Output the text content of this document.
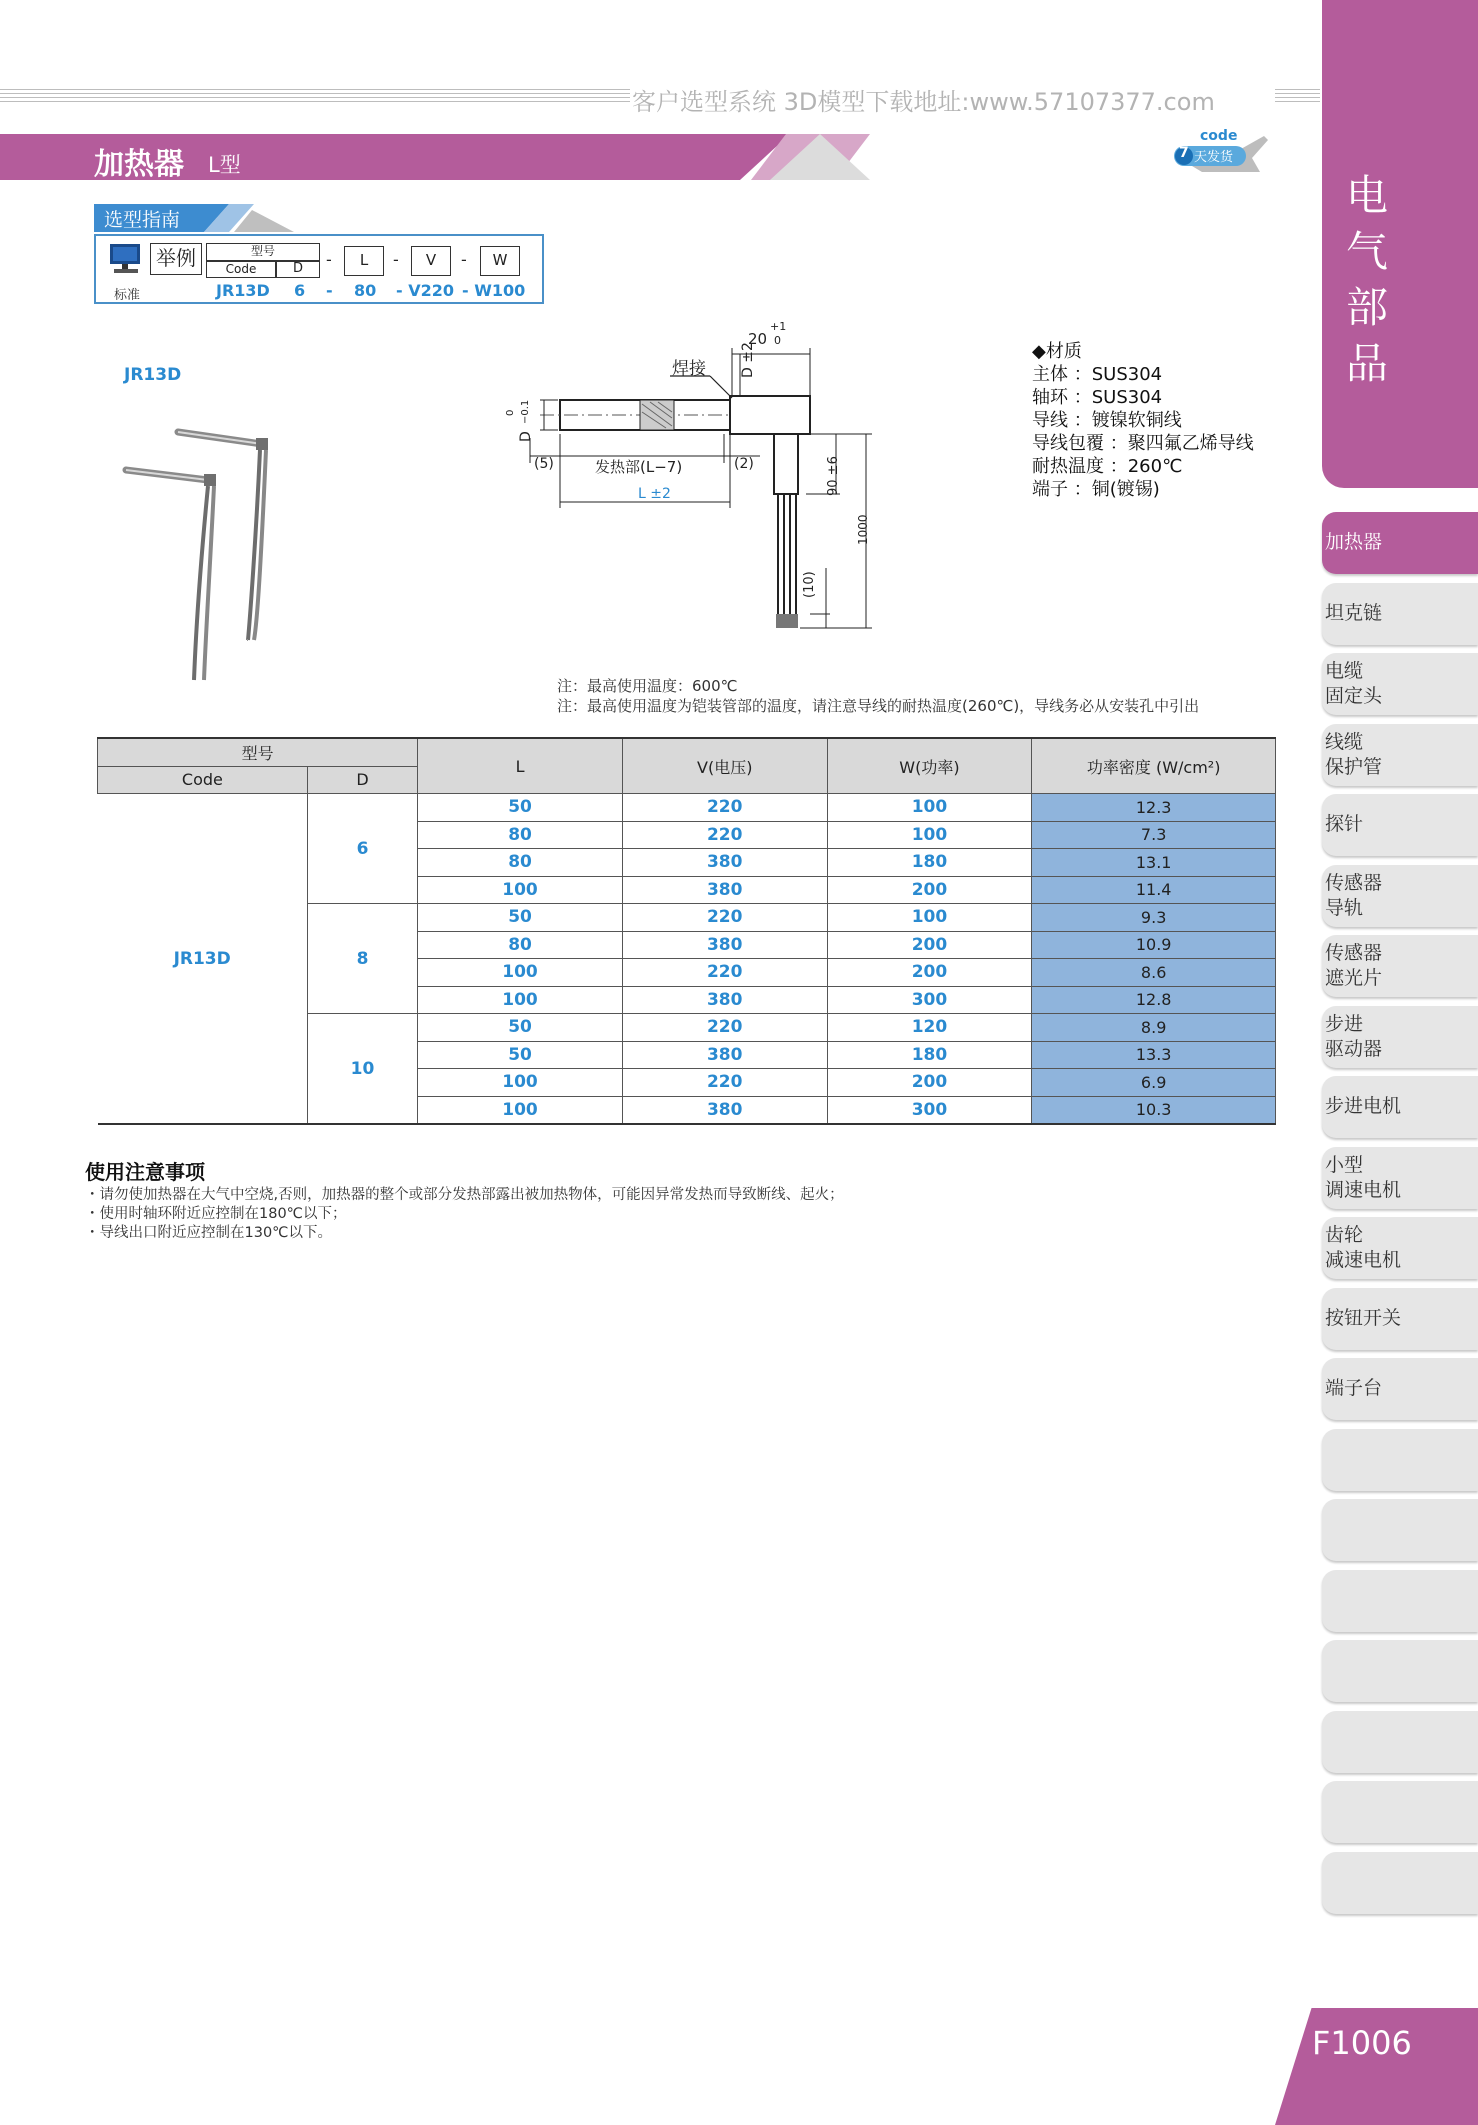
客户选型系统 3D模型下载地址:www.57107377.com
加热器 L型
code
7 天发货
电
气
部
品
加热器
坦克链
电缆
固定头
线缆
保护管
探针
传感器
导轨
传感器
遮光片
步进
驱动器
步进电机
小型
调速电机
齿轮
减速电机
按钮开关
端子台
F1006
选型指南
举例	型号
Code	D	-	L	-	V	-	W
标准	JR13D 6 - 80 - V220 - W100
JR13D	焊接
20
+1
0
D ±2
D
0 −0.1
(5)	发热部(L−7)	(2)
L ±2	90 ±6
1000
(10)
◆材质
主体 ：SUS304
轴环 ：SUS304
导线 ：镀镍软铜线
导线包覆 ：聚四氟乙烯导线
耐热温度 ：260℃
端子 ：铜(镀锡)
注：最高使用温度：600℃
注：最高使用温度为铠装管部的温度，请注意导线的耐热温度(260℃)，导线务必从安装孔中引出
型号		L	V(电压)	W(功率)	功率密度 (W/cm²)
Code	D				
JR13D	6	50	220	100	12.3
		80	220	100	7.3
		80	380	180	13.1
		100	380	200	11.4
	8	50	220	100	9.3
		80	380	200	10.9
		100	220	200	8.6
		100	380	300	12.8
	10	50	220	120	8.9
		50	380	180	13.3
		100	220	200	6.9
		100	380	300	10.3
使用注意事项
・请勿使加热器在大气中空烧,否则，加热器的整个或部分发热部露出被加热物体，可能因异常发热而导致断线、起火；
・使用时轴环附近应控制在180℃以下；
・导线出口附近应控制在130℃以下。
